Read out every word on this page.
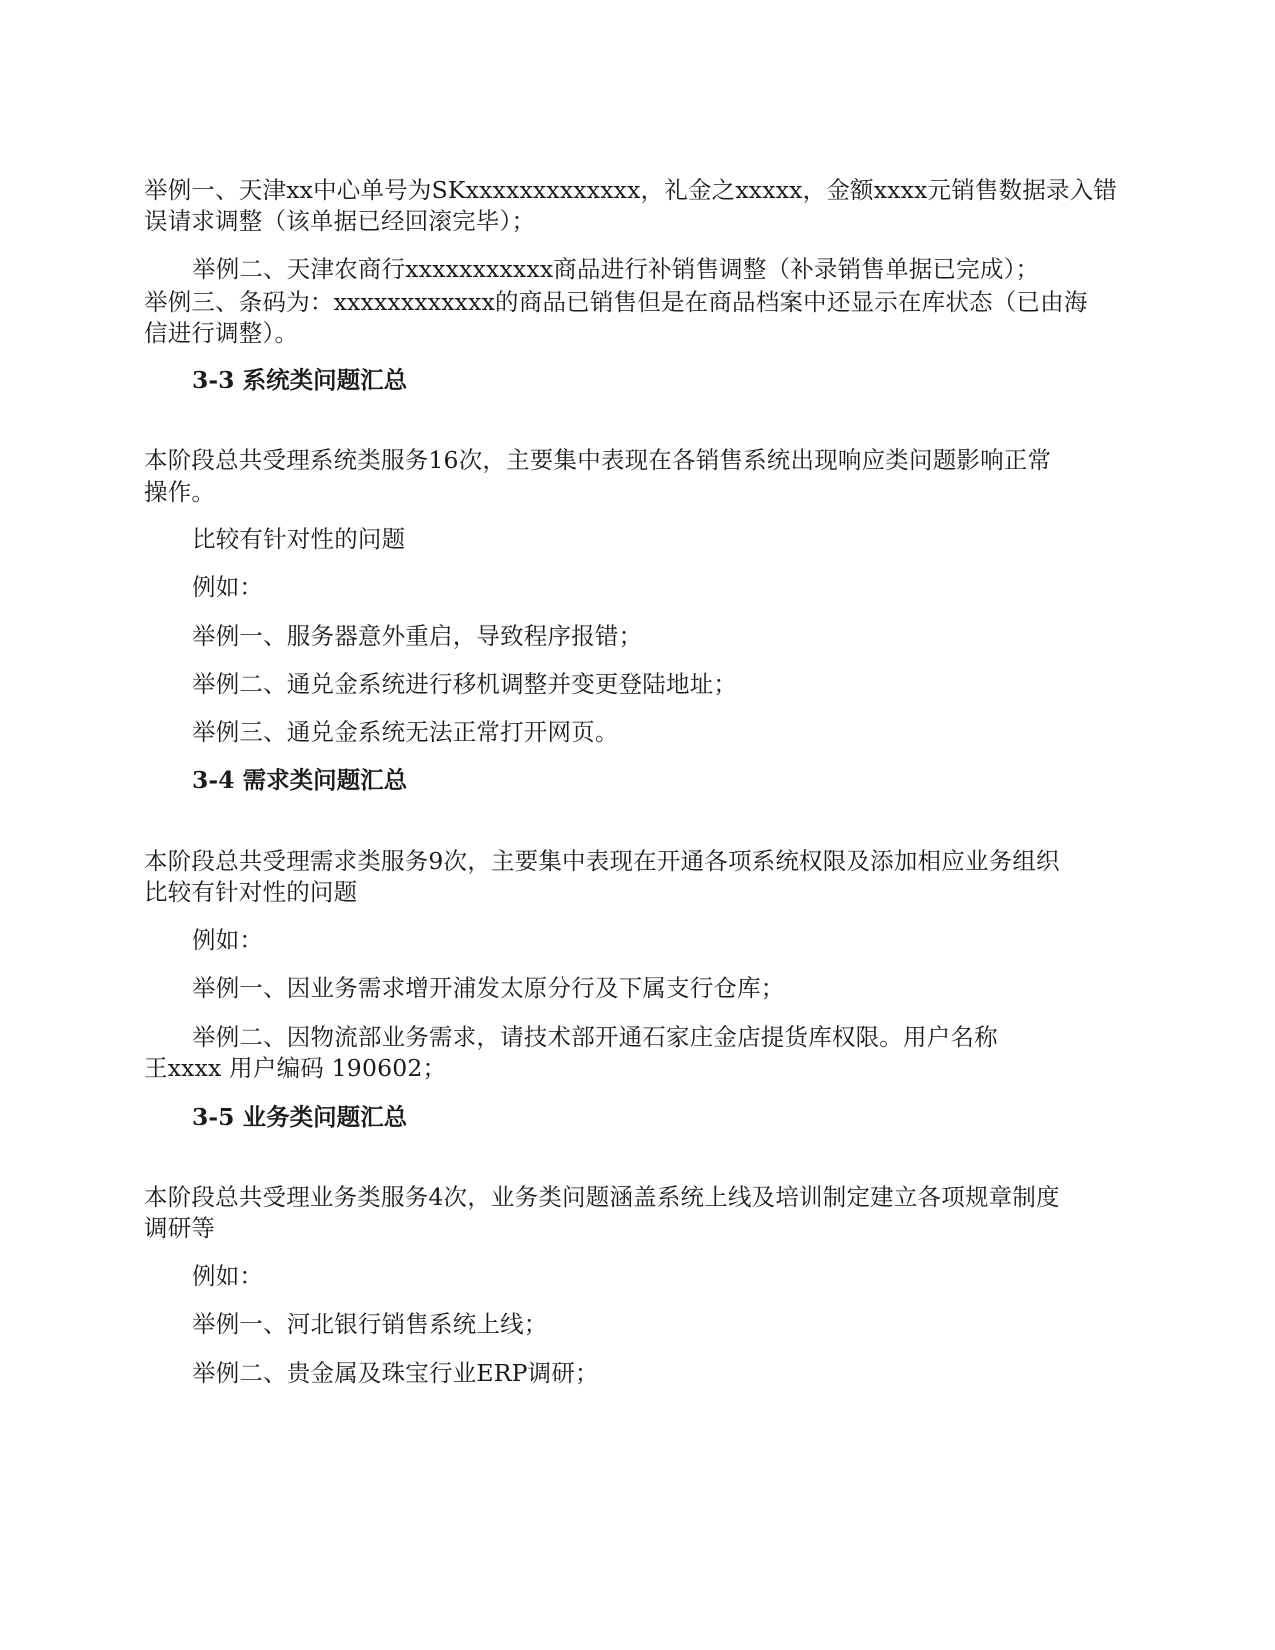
举例一、天津xx中心单号为SKxxxxxxxxxxxxx，礼金之xxxxx，金额xxxx元销售数据录入错
误请求调整（该单据已经回滚完毕）；
举例二、天津农商行xxxxxxxxxxx商品进行补销售调整（补录销售单据已完成）；
举例三、条码为：xxxxxxxxxxxx的商品已销售但是在商品档案中还显示在库状态（已由海
信进行调整）。
3-3 系统类问题汇总
本阶段总共受理系统类服务16次，主要集中表现在各销售系统出现响应类问题影响正常
操作。
比较有针对性的问题
例如：
举例一、服务器意外重启，导致程序报错；
举例二、通兑金系统进行移机调整并变更登陆地址；
举例三、通兑金系统无法正常打开网页。
3-4 需求类问题汇总
本阶段总共受理需求类服务9次，主要集中表现在开通各项系统权限及添加相应业务组织
比较有针对性的问题
例如：
举例一、因业务需求增开浦发太原分行及下属支行仓库；
举例二、因物流部业务需求，请技术部开通石家庄金店提货库权限。用户名称
王xxxx 用户编码 190602；
3-5 业务类问题汇总
本阶段总共受理业务类服务4次，业务类问题涵盖系统上线及培训制定建立各项规章制度
调研等
例如：
举例一、河北银行销售系统上线；
举例二、贵金属及珠宝行业ERP调研；
